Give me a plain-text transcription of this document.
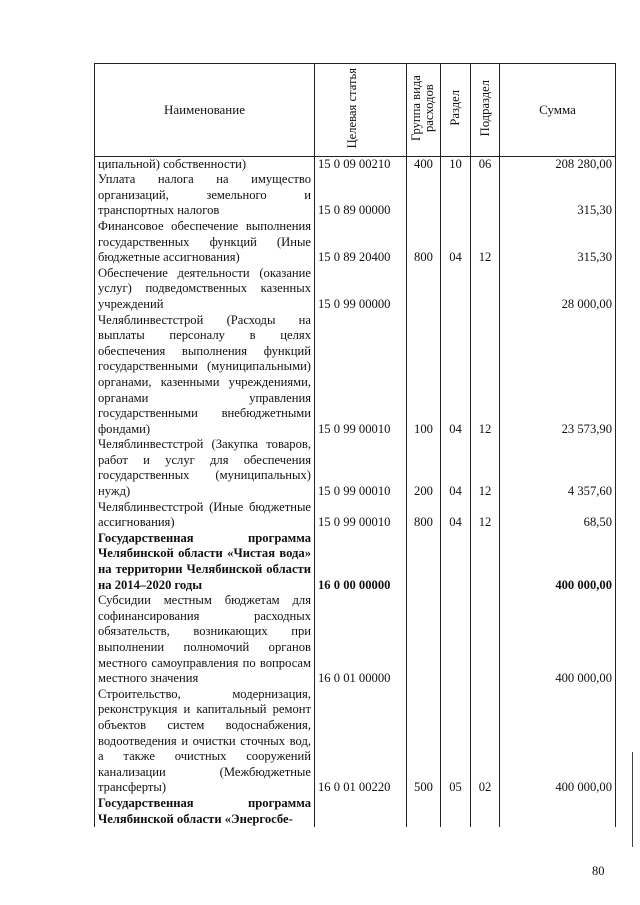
Наименование	Целевая статья	Группа вида расходов	Раздел	Подраздел	Сумма
ципальной) собственности)	15 0 09 00210	400	10	06	208 280,00
Уплата налога на имущество организаций, земельного и транспортных налогов	15 0 89 00000				315,30
Финансовое обеспечение выполнения государственных функций (Иные бюджетные ассигнования)	15 0 89 20400	800	04	12	315,30
Обеспечение деятельности (оказание услуг) подведомственных казенных учреждений	15 0 99 00000				28 000,00
Челяблинвестстрой (Расходы на выплаты персоналу в целях обеспечения выполнения функций государственными (муниципальными) органами, казенными учреждениями, органами управления государственными внебюджетными фондами)	15 0 99 00010	100	04	12	23 573,90
Челяблинвестстрой (Закупка товаров, работ и услуг для обеспечения государственных (муниципальных) нужд)	15 0 99 00010	200	04	12	4 357,60
Челяблинвестстрой (Иные бюджетные ассигнования)	15 0 99 00010	800	04	12	68,50
Государственная программа Челябинской области «Чистая вода» на территории Челябинской области на 2014–2020 годы	16 0 00 00000				400 000,00
Субсидии местным бюджетам для софинансирования расходных обязательств, возникающих при выполнении полномочий органов местного самоуправления по вопросам местного значения	16 0 01 00000				400 000,00
Строительство, модернизация, реконструкция и капитальный ремонт объектов систем водоснабжения, водоотведения и очистки сточных вод, а также очистных сооружений канализации (Межбюджетные трансферты)	16 0 01 00220	500	05	02	400 000,00
Государственная программа Челябинской области «Энергосбе-					
80
